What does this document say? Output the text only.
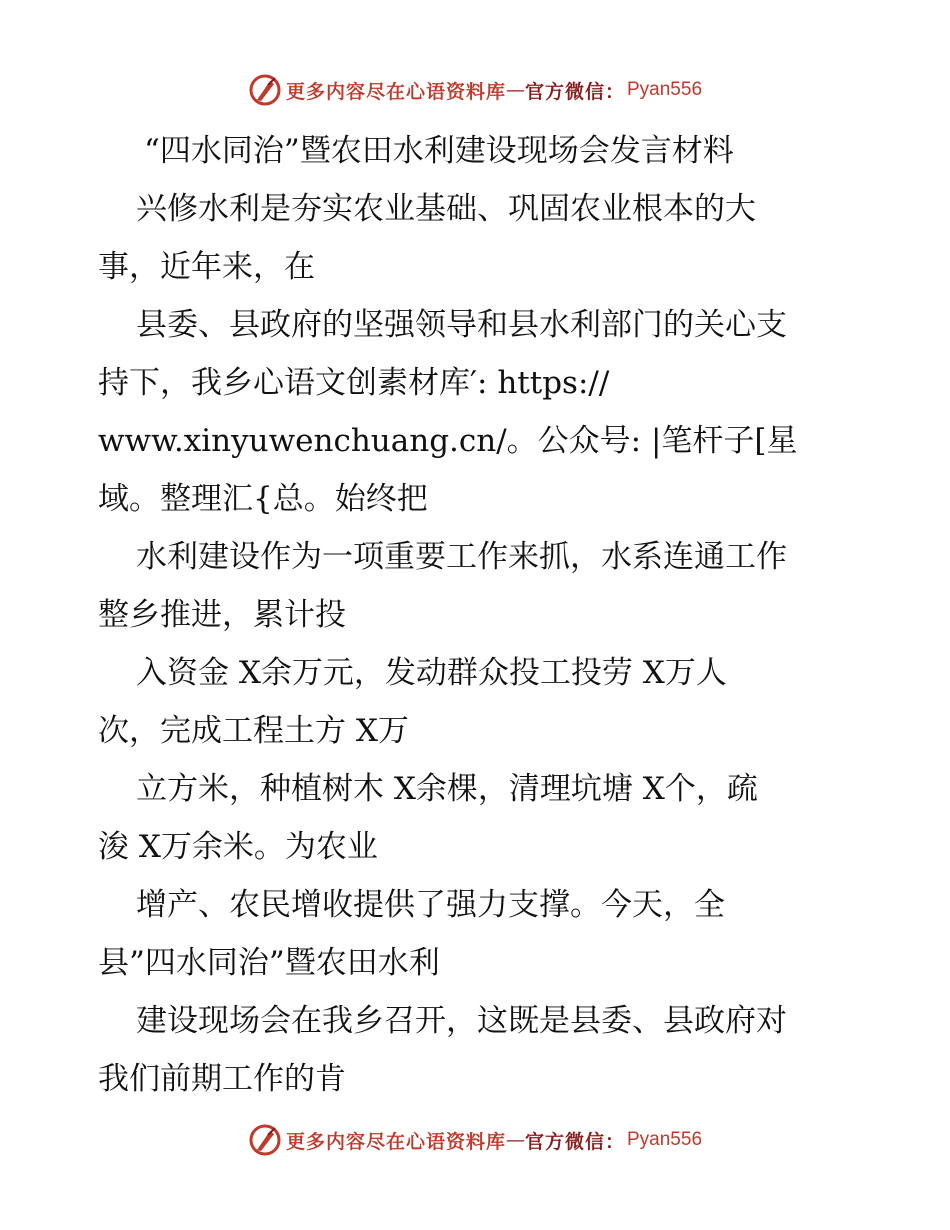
更多内容尽在心语资料库 — 官方微信： Pyan556
“四水同治”暨农田水利建设现场会发言材料
兴修水利是夯实农业基础、巩固农业根本的大
事，近年来，在
县委、县政府的坚强领导和县水利部门的关心支
持下，我乡心语文创素材库′: https://
www.xinyuwenchuang.cn/。公众号: |笔杆子[星
域。整理汇{总。始终把
水利建设作为一项重要工作来抓，水系连通工作
整乡推进，累计投
入资金 X余万元，发动群众投工投劳 X万人
次，完成工程土方 X万
立方米，种植树木 X余棵，清理坑塘 X个，疏
浚 X万余米。为农业
增产、农民增收提供了强力支撑。今天，全
县”四水同治”暨农田水利
建设现场会在我乡召开，这既是县委、县政府对
我们前期工作的肯
更多内容尽在心语资料库 — 官方微信： Pyan556
